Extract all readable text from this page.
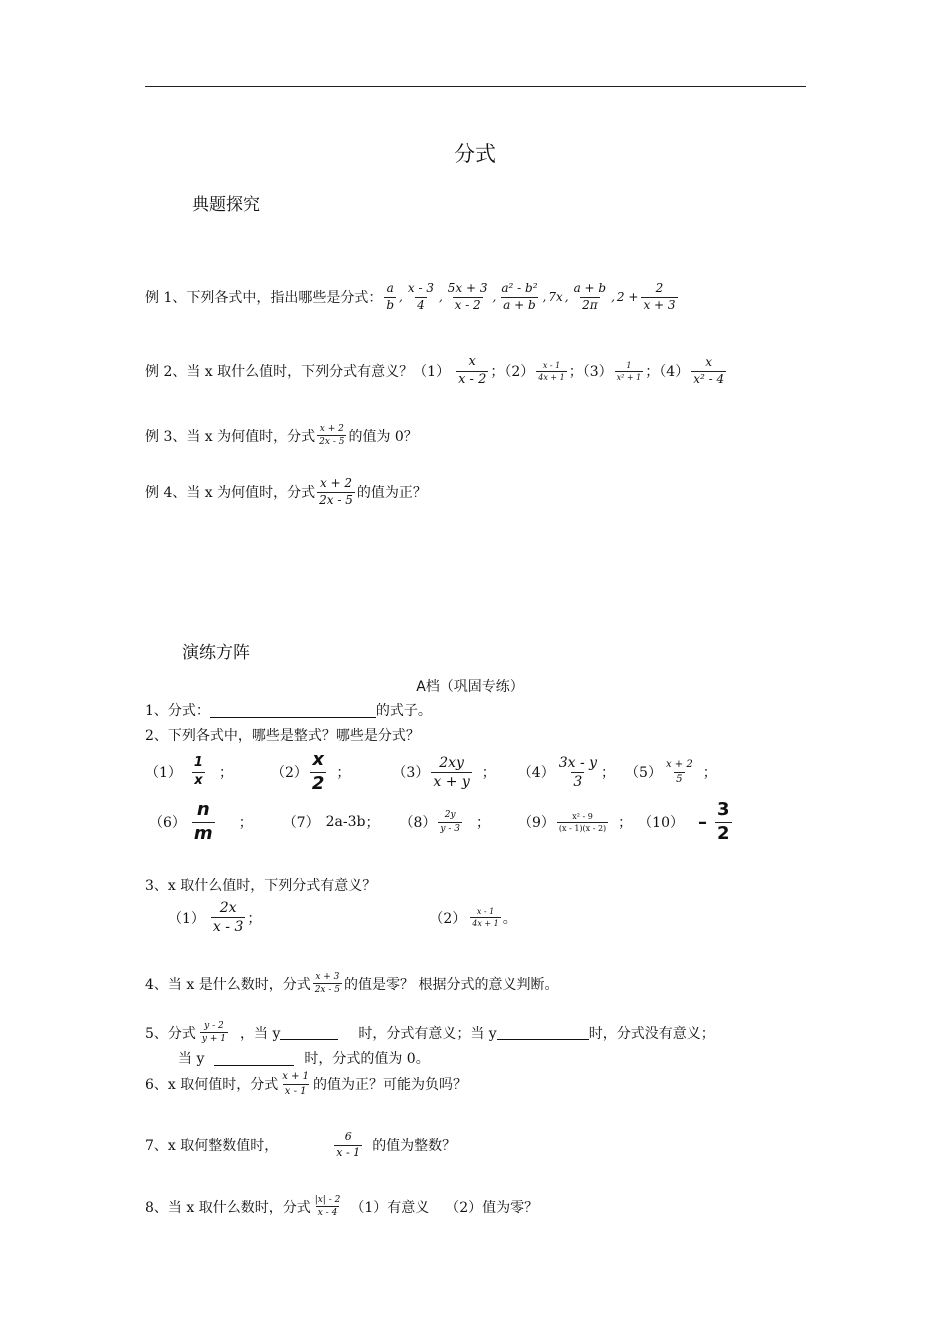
分式
典题探究
例 1、下列各式中，指出哪些是分式： $\frac{a}{b}$ , $\frac{x - 3}{4}$ , $\frac{5x + 3}{x - 2}$ , $\frac{\text{a² - b²}}{a + b}$ , 7x , $\frac{a + b}{2\pi}$ , $2 + \frac{2}{x + 3}$
例 2、当 x 取什么值时，下列分式有意义？ $(1) \frac{x}{x - 2}$ ；$(2) \frac{x - 1}{4x + 1}$ ；$(3) \frac{1}{\text{x² + 1}}$ ；$(4) \frac{x}{\text{x² - 4}}$
例 3、当 x 为何值时，分式 $\frac{x + 2}{2x - 5}$ 的值为 0？
例 4、当 x 为何值时，分式 $\frac{x + 2}{2x - 5}$ 的值为正？
演练方阵
A档（巩固专练）
1、分式：	的式子。
2、下列各式中，哪些是整式？哪些是分式？
$(1) \frac{1}{x}$ ；	$(2) \frac{x}{2}$ ；	$(3) \frac{2xy}{x + y}$ ； $(4) \frac{3x - y}{3}$ ； $(5) \frac{x + 2}{5}$ ；
$(6) \frac{n}{m}$ ； （7） 2a-3b ； $(8) \frac{2y}{y - 3}$ ； $(9) \frac{\text{x² - 9}}{(x - 1)(x - 2)}$ ； $(10) - \frac{3}{2}$
3、x 取什么值时，下列分式有意义？
$(1) \frac{2x}{x - 3}$ ；	$(2) \frac{x - 1}{4x + 1}$ 。
4、当 x 是什么数时，分式 $\frac{x + 3}{2x - 5}$ 的值是零？ 根据分式的意义判断。
5、分式 $\frac{y - 2}{y + 1}$ ，当 y	时，分式有意义；当 y	时，分式没有意义；
当 y	时，分式的值为 0。
6、x 取何值时，分式 $\frac{x + 1}{x - 1}$ 的值为正？可能为负吗？
7、x 取何整数值时，	$\frac{6}{x - 1}$ 的值为整数？
8、当 x 取什么数时，分式 $\frac{|x| - 2}{x - 4} (1)$有意义 （2）值为零？
